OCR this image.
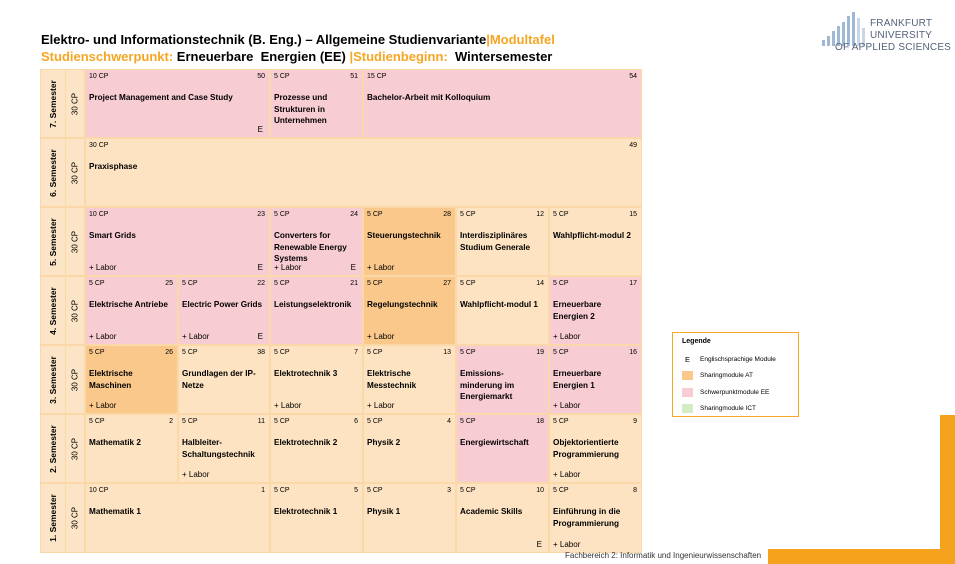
Elektro- und Informationstechnik (B. Eng.) – Allgemeine Studienvariante|Modultafel
Studienschwerpunkt: Erneuerbare  Energien (EE) |Studienbeginn:  Wintersemester
FRANKFURT
UNIVERSITY
OF APPLIED SCIENCES
7. Semester 30 CP
6. Semester 30 CP
5. Semester 30 CP
4. Semester 30 CP
3. Semester 30 CP
2. Semester 30 CP
1. Semester 30 CP
10 CP	50
Project Management and Case Study
E
5 CP	51
Prozesse und Strukturen in Unternehmen
15 CP	54
Bachelor-Arbeit mit Kolloquium
30 CP	49
Praxisphase
10 CP	23
Smart Grids
+ Labor	E
5 CP	24
Converters for Renewable Energy Systems
+ Labor	E
5 CP	28
Steuerungstechnik
+ Labor
5 CP	12
Interdisziplinäres Studium Generale
5 CP	15
Wahlpflicht-modul 2
5 CP	25
Elektrische Antriebe
+ Labor
5 CP	22
Electric Power Grids
+ Labor	E
5 CP	21
Leistungselektronik
5 CP	27
Regelungstechnik
+ Labor
5 CP	14
Wahlpflicht-modul 1
5 CP	17
Erneuerbare Energien 2
+ Labor
5 CP	26
Elektrische Maschinen
+ Labor
5 CP	38
Grundlagen der IP-Netze
5 CP	7
Elektrotechnik 3
+ Labor
5 CP	13
Elektrische Messtechnik
+ Labor
5 CP	19
Emissions-minderung im Energiemarkt
5 CP	16
Erneuerbare Energien 1
+ Labor
5 CP	2
Mathematik 2
5 CP	11
Halbleiter-Schaltungstechnik
+ Labor
5 CP	6
Elektrotechnik 2
5 CP	4
Physik 2
5 CP	18
Energiewirtschaft
5 CP	9
Objektorientierte Programmierung
+ Labor
10 CP	1
Mathematik 1
5 CP	5
Elektrotechnik 1
5 CP	3
Physik 1
5 CP	10
Academic Skills
E
5 CP	8
Einführung in die Programmierung
+ Labor
Legende
E	Englischsprachige Module
Sharingmodule AT
Schwerpunktmodule EE
Sharingmodule ICT
Fachbereich 2: Informatik und Ingenieurwissenschaften
